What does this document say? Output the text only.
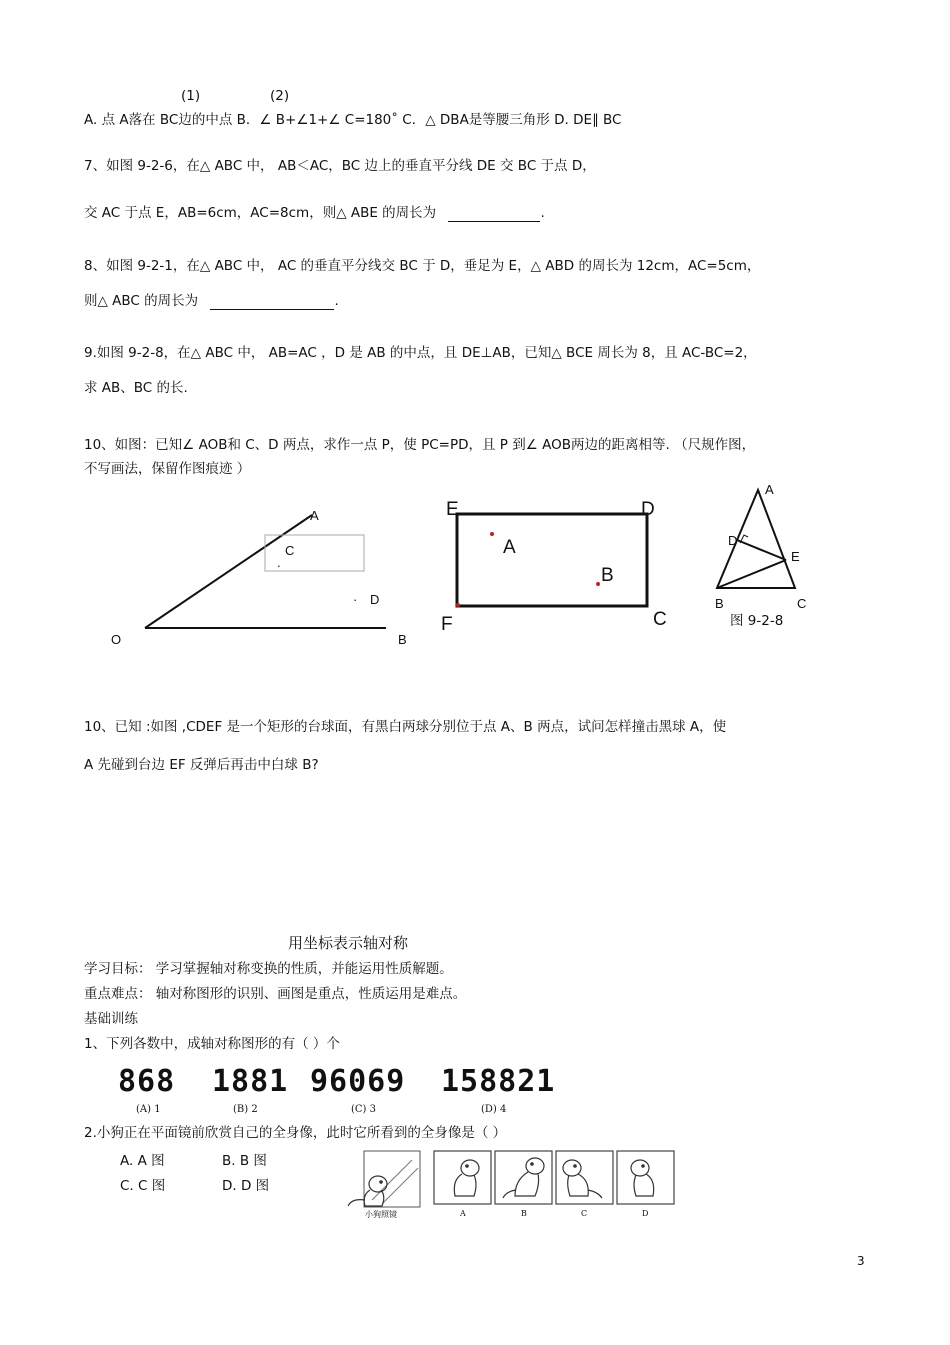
(1)	(2)
A. 点 A落在 BC边的中点 B．∠ B+∠1+∠ C=180˚ C．△ DBA是等腰三角形 D. DE∥ BC
7、如图 9-2-6，在△ ABC 中， AB＜AC，BC 边上的垂直平分线 DE 交 BC 于点 D，
交 AC 于点 E，AB=6cm，AC=8cm，则△ ABE 的周长为	.
8、如图 9-2-1，在△ ABC 中， AC 的垂直平分线交 BC 于 D，垂足为 E，△ ABD 的周长为 12cm，AC=5cm，
则△ ABC 的周长为	.
9.如图 9-2-8，在△ ABC 中， AB=AC ，D 是 AB 的中点，且 DE⊥AB，已知△ BCE 周长为 8，且 AC-BC=2，
求 AB、BC 的长.
10、如图：已知∠ AOB和 C、D 两点，求作一点 P，使 PC=PD，且 P 到∠ AOB两边的距离相等. （尺规作图，
不写画法，保留作图痕迹 ）
O
A
B
C
.
· D
E	D
C
F
A
B
A
D
E
B	C
图 9-2-8
10、已知 :如图 ,CDEF 是一个矩形的台球面，有黑白两球分别位于点 A、B 两点，试问怎样撞击黑球 A，使
A 先碰到台边 EF 反弹后再击中白球 B?
用坐标表示轴对称
学习目标： 学习掌握轴对称变换的性质，并能运用性质解题。
重点难点： 轴对称图形的识别、画图是重点，性质运用是难点。
基础训练
1、下列各数中，成轴对称图形的有（ ）个
868 1881 96069 158821
(A) 1	(B) 2	(C) 3	(D) 4
2.小狗正在平面镜前欣赏自己的全身像，此时它所看到的全身像是（ ）
A. A 图	B. B 图
C. C 图	D. D 图
小狗照镜	A	B	C	D
3
